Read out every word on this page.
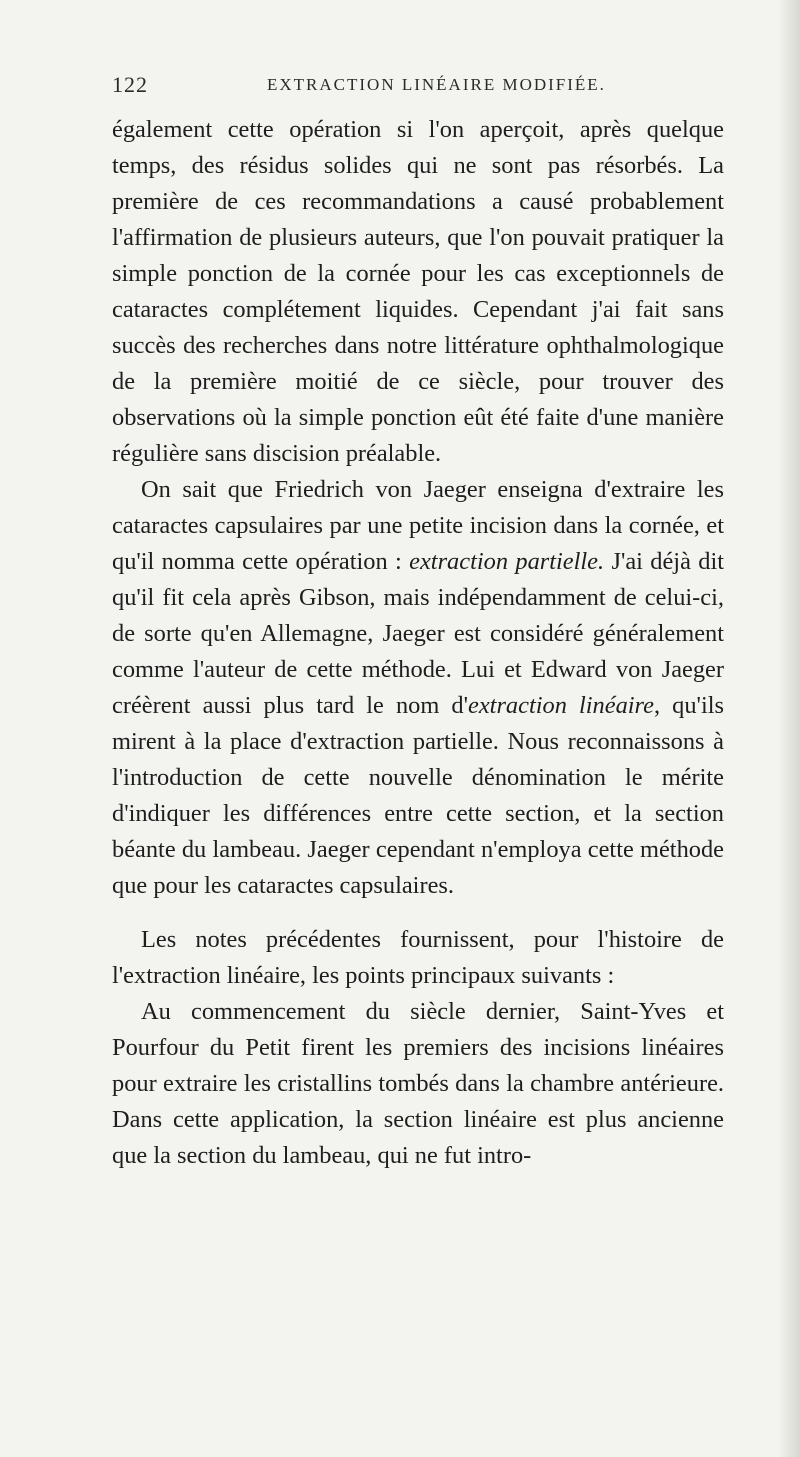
122	EXTRACTION LINÉAIRE MODIFIÉE.

également cette opération si l'on aperçoit, après quelque temps, des résidus solides qui ne sont pas résorbés. La première de ces recommandations a causé probablement l'affirmation de plusieurs auteurs, que l'on pouvait pratiquer la simple ponction de la cornée pour les cas exceptionnels de cataractes complétement liquides. Cependant j'ai fait sans succès des recherches dans notre littérature ophthalmologique de la première moitié de ce siècle, pour trouver des observations où la simple ponction eût été faite d'une manière régulière sans discision préalable.

On sait que Friedrich von Jaeger enseigna d'extraire les cataractes capsulaires par une petite incision dans la cornée, et qu'il nomma cette opération : extraction partielle. J'ai déjà dit qu'il fit cela après Gibson, mais indépendamment de celui-ci, de sorte qu'en Allemagne, Jaeger est considéré généralement comme l'auteur de cette méthode. Lui et Edward von Jaeger créèrent aussi plus tard le nom d'extraction linéaire, qu'ils mirent à la place d'extraction partielle. Nous reconnaissons à l'introduction de cette nouvelle dénomination le mérite d'indiquer les différences entre cette section, et la section béante du lambeau. Jaeger cependant n'employa cette méthode que pour les cataractes capsulaires.

Les notes précédentes fournissent, pour l'histoire de l'extraction linéaire, les points principaux suivants :

Au commencement du siècle dernier, Saint-Yves et Pourfour du Petit firent les premiers des incisions linéaires pour extraire les cristallins tombés dans la chambre antérieure. Dans cette application, la section linéaire est plus ancienne que la section du lambeau, qui ne fut intro-
